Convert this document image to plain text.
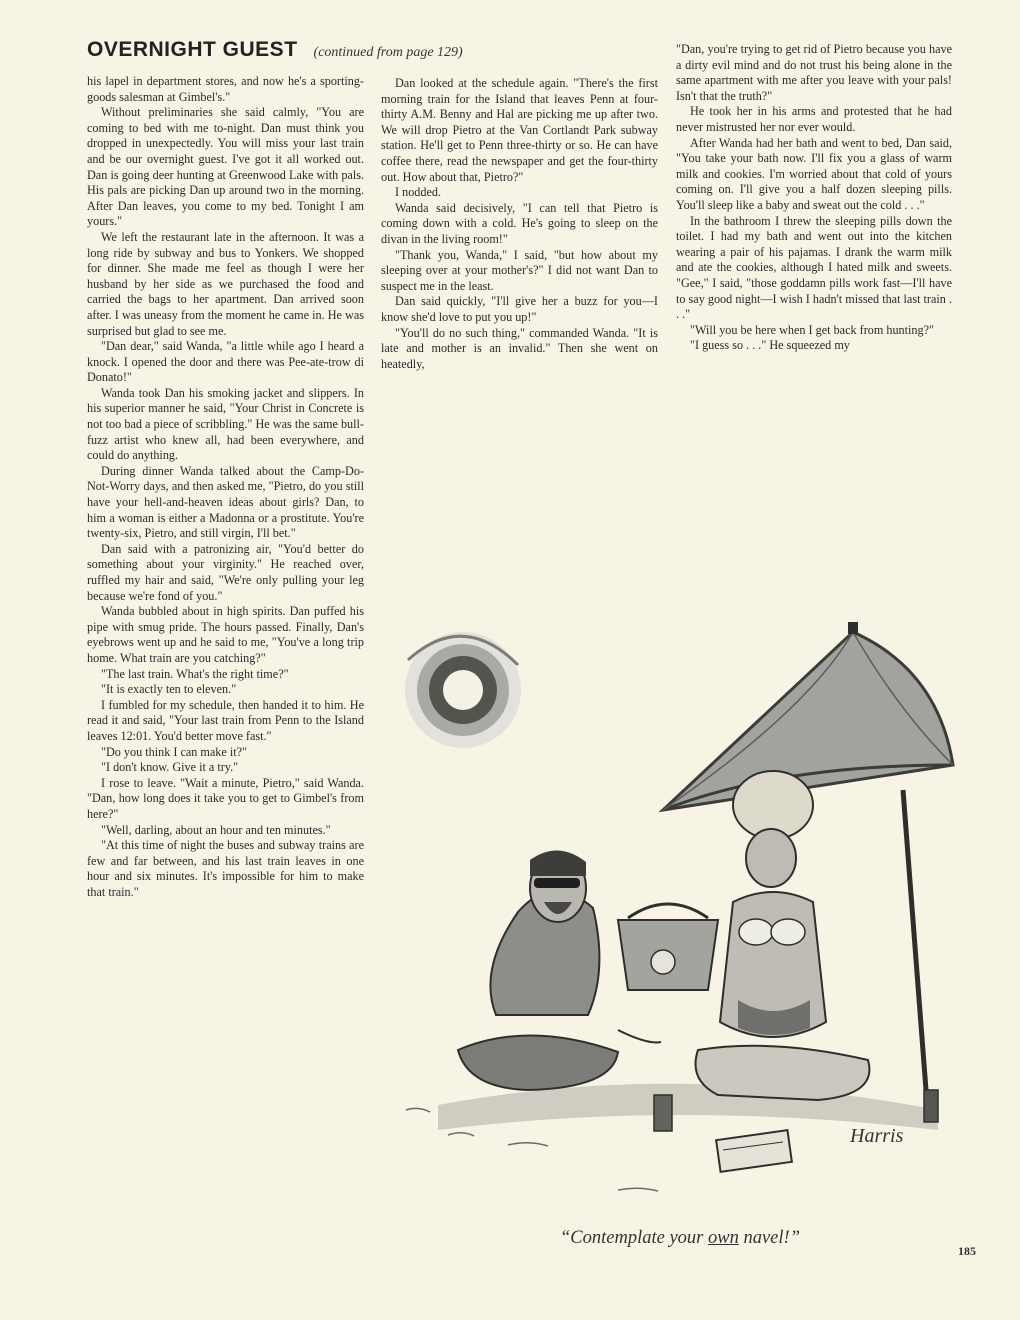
OVERNIGHT GUEST (continued from page 129)

his lapel in department stores, and now he's a sporting-goods salesman at Gimbel's."

Without preliminaries she said calmly, "You are coming to bed with me to-night. Dan must think you dropped in unexpectedly. You will miss your last train and be our overnight guest. I've got it all worked out. Dan is going deer hunting at Greenwood Lake with pals. His pals are picking Dan up around two in the morning. After Dan leaves, you come to my bed. Tonight I am yours."

We left the restaurant late in the afternoon. It was a long ride by subway and bus to Yonkers. We shopped for dinner. She made me feel as though I were her husband by her side as we purchased the food and carried the bags to her apartment. Dan arrived soon after. I was uneasy from the moment he came in. He was surprised but glad to see me.

"Dan dear," said Wanda, "a little while ago I heard a knock. I opened the door and there was Pee-ate-trow di Donato!"

Wanda took Dan his smoking jacket and slippers. In his superior manner he said, "Your Christ in Concrete is not too bad a piece of scribbling." He was the same bull-fuzz artist who knew all, had been everywhere, and could do anything.

During dinner Wanda talked about the Camp-Do-Not-Worry days, and then asked me, "Pietro, do you still have your hell-and-heaven ideas about girls? Dan, to him a woman is either a Madonna or a prostitute. You're twenty-six, Pietro, and still virgin, I'll bet."

Dan said with a patronizing air, "You'd better do something about your virginity." He reached over, ruffled my hair and said, "We're only pulling your leg because we're fond of you."

Wanda bubbled about in high spirits. Dan puffed his pipe with smug pride. The hours passed. Finally, Dan's eyebrows went up and he said to me, "You've a long trip home. What train are you catching?"

"The last train. What's the right time?"

"It is exactly ten to eleven."

I fumbled for my schedule, then handed it to him. He read it and said, "Your last train from Penn to the Island leaves 12:01. You'd better move fast."

"Do you think I can make it?"

"I don't know. Give it a try."

I rose to leave. "Wait a minute, Pietro," said Wanda. "Dan, how long does it take you to get to Gimbel's from here?"

"Well, darling, about an hour and ten minutes."

"At this time of night the buses and subway trains are few and far between, and his last train leaves in one hour and six minutes. It's impossible for him to make that train."

Dan looked at the schedule again. "There's the first morning train for the Island that leaves Penn at four-thirty A.M. Benny and Hal are picking me up after two. We will drop Pietro at the Van Cortlandt Park subway station. He'll get to Penn three-thirty or so. He can have coffee there, read the newspaper and get the four-thirty out. How about that, Pietro?"

I nodded.

Wanda said decisively, "I can tell that Pietro is coming down with a cold. He's going to sleep on the divan in the living room!"

"Thank you, Wanda," I said, "but how about my sleeping over at your mother's?" I did not want Dan to suspect me in the least.

Dan said quickly, "I'll give her a buzz for you—I know she'd love to put you up!"

"You'll do no such thing," commanded Wanda. "It is late and mother is an invalid." Then she went on heatedly,

"Dan, you're trying to get rid of Pietro because you have a dirty evil mind and do not trust his being alone in the same apartment with me after you leave with your pals! Isn't that the truth?"

He took her in his arms and protested that he had never mistrusted her nor ever would.

After Wanda had her bath and went to bed, Dan said, "You take your bath now. I'll fix you a glass of warm milk and cookies. I'm worried about that cold of yours coming on. I'll give you a half dozen sleeping pills. You'll sleep like a baby and sweat out the cold . . ."

In the bathroom I threw the sleeping pills down the toilet. I had my bath and went out into the kitchen wearing a pair of his pajamas. I drank the warm milk and ate the cookies, although I hated milk and sweets. "Gee," I said, "those goddamn pills work fast—I'll have to say good night—I wish I hadn't missed that last train . . ."

"Will you be here when I get back from hunting?"

"I guess so . . ." He squeezed my

Harris
“Contemplate your own navel!”
185
